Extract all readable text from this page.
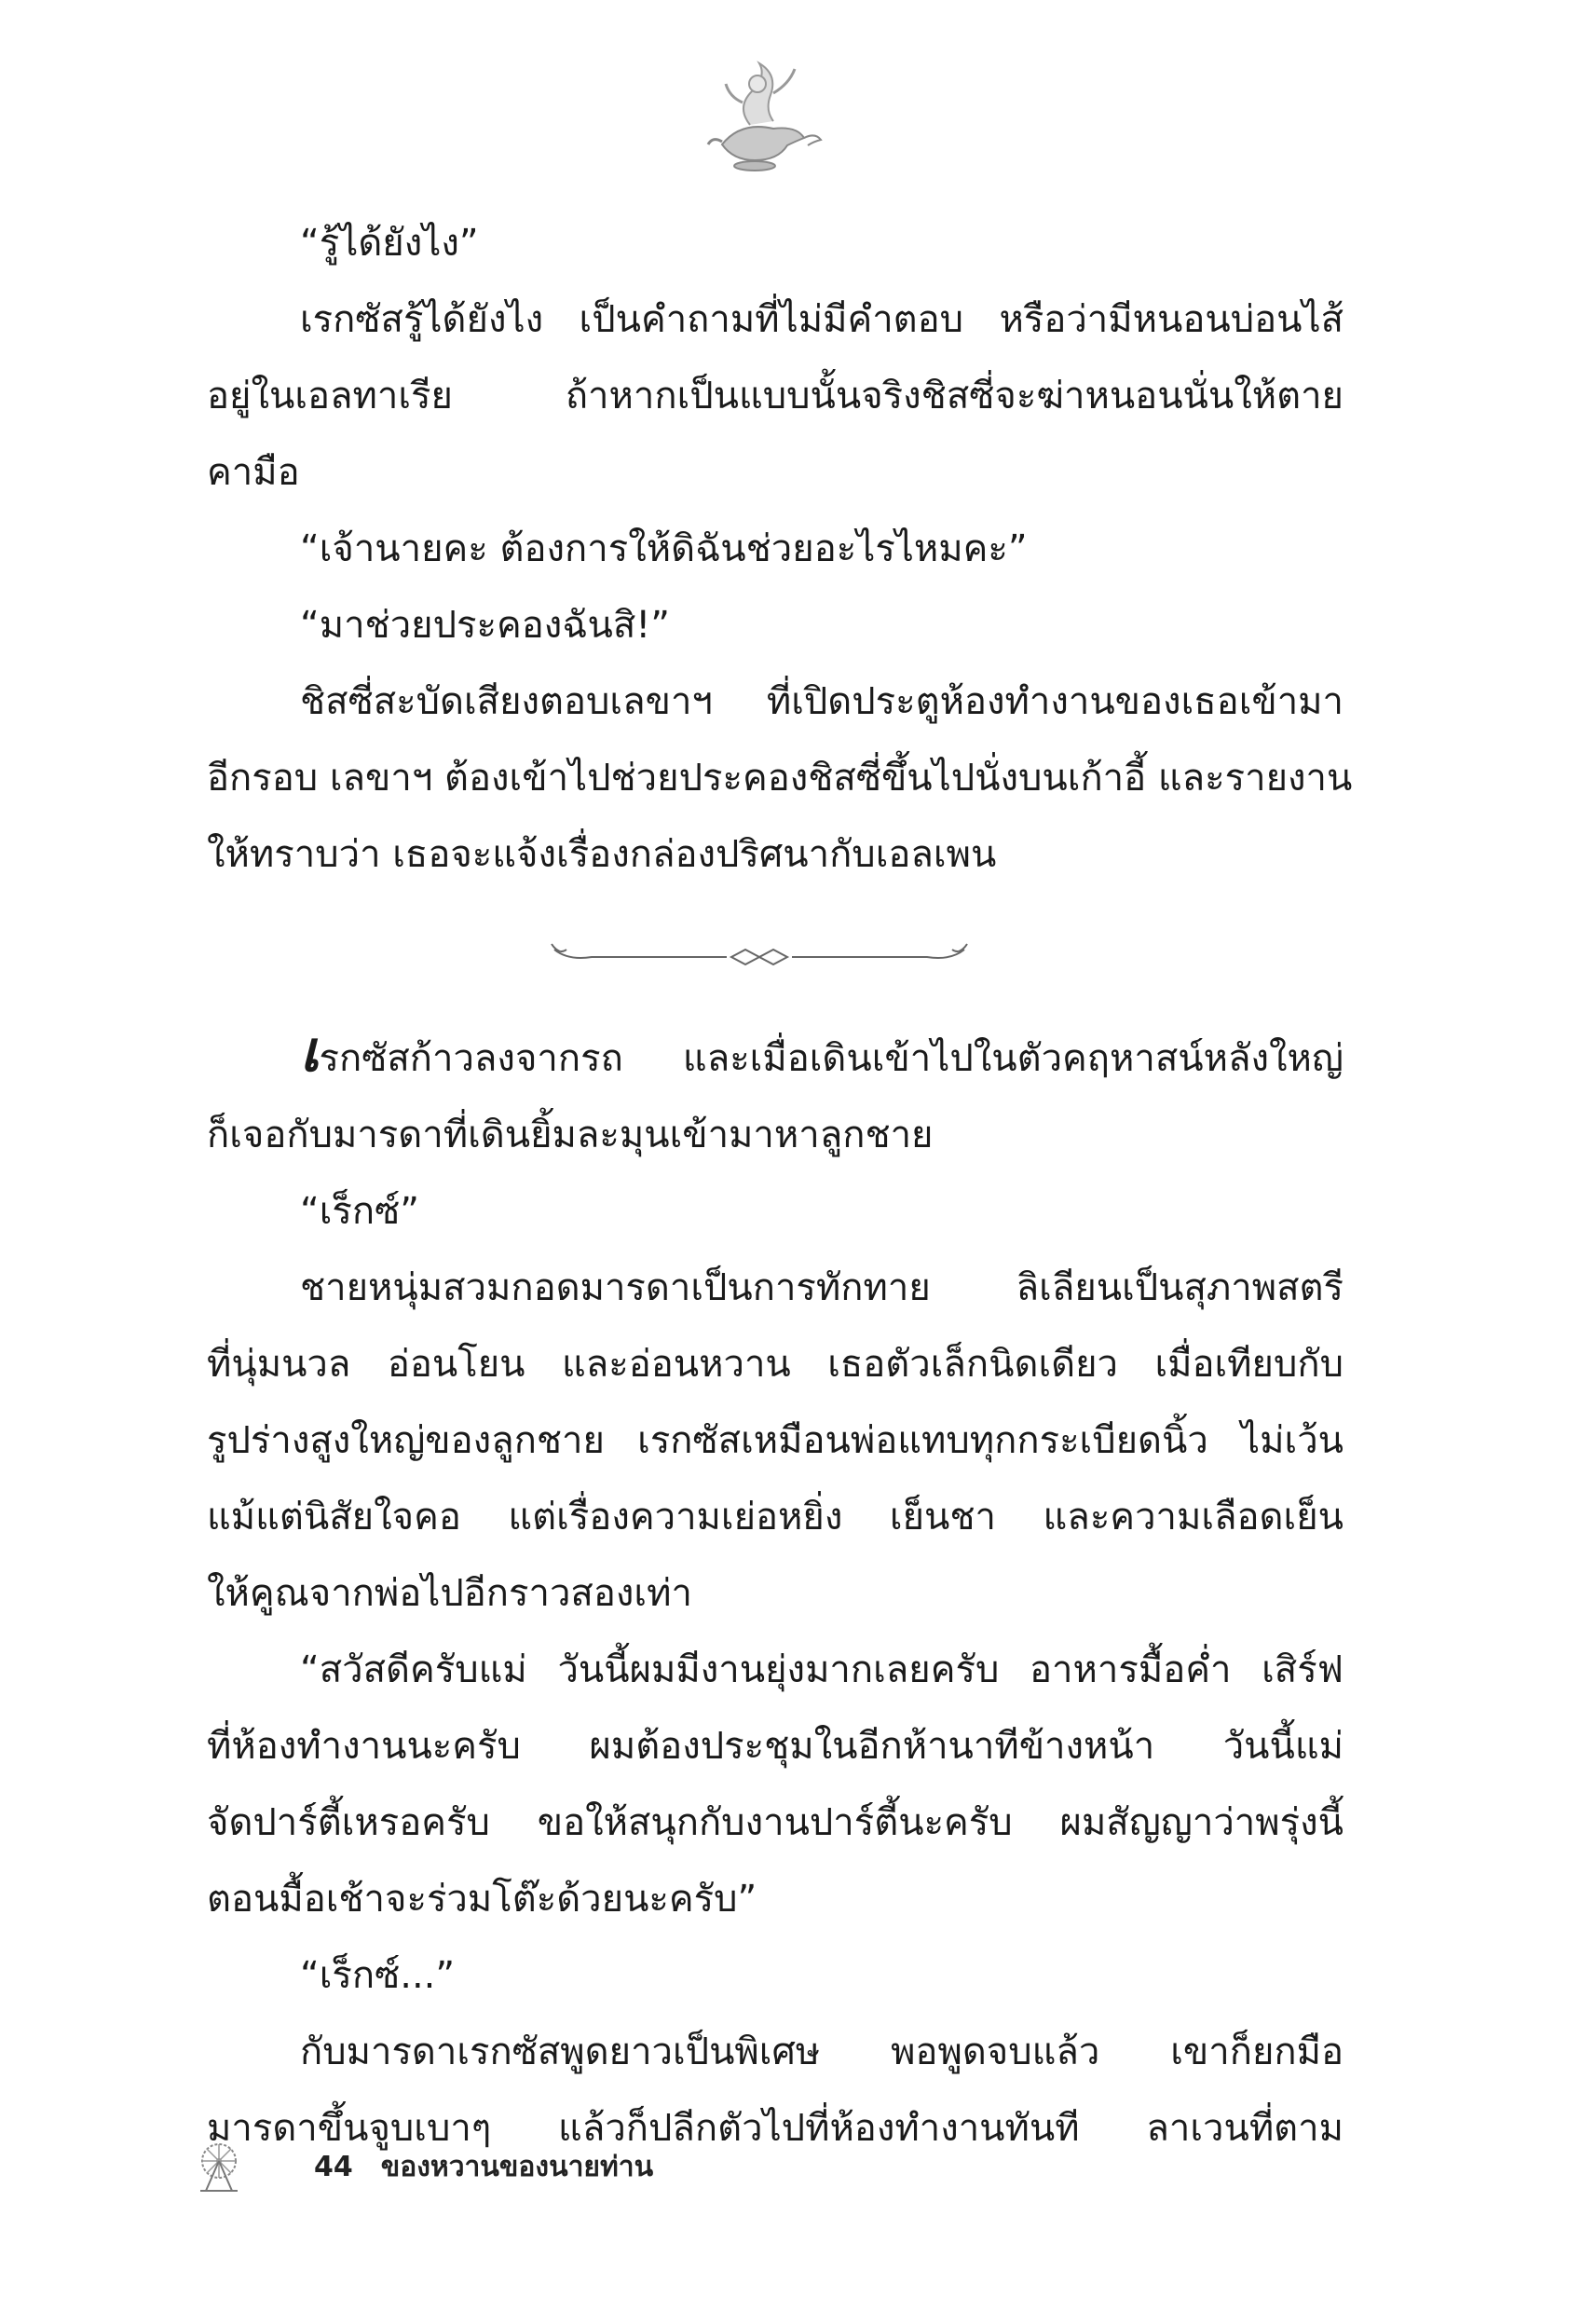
“รู้ได้ยังไง”
เรกซัสรู้ได้ยังไง เป็นคำถามที่ไม่มีคำตอบ หรือว่ามีหนอนบ่อนไส้
อยู่ในเอลทาเรีย ถ้าหากเป็นแบบนั้นจริงชิสซี่จะฆ่าหนอนนั่นให้ตาย
คามือ
“เจ้านายคะ ต้องการให้ดิฉันช่วยอะไรไหมคะ”
“มาช่วยประคองฉันสิ!”
ชิสซี่สะบัดเสียงตอบเลขาฯ ที่เปิดประตูห้องทำงานของเธอเข้ามา
อีกรอบ เลขาฯ ต้องเข้าไปช่วยประคองชิสซี่ขึ้นไปนั่งบนเก้าอี้ และรายงาน
ให้ทราบว่า เธอจะแจ้งเรื่องกล่องปริศนากับเอลเพน
เรกซัสก้าวลงจากรถ และเมื่อเดินเข้าไปในตัวคฤหาสน์หลังใหญ่
ก็เจอกับมารดาที่เดินยิ้มละมุนเข้ามาหาลูกชาย
“เร็กซ์”
ชายหนุ่มสวมกอดมารดาเป็นการทักทาย ลิเลียนเป็นสุภาพสตรี
ที่นุ่มนวล อ่อนโยน และอ่อนหวาน เธอตัวเล็กนิดเดียว เมื่อเทียบกับ
รูปร่างสูงใหญ่ของลูกชาย เรกซัสเหมือนพ่อแทบทุกกระเบียดนิ้ว ไม่เว้น
แม้แต่นิสัยใจคอ แต่เรื่องความเย่อหยิ่ง เย็นชา และความเลือดเย็น
ให้คูณจากพ่อไปอีกราวสองเท่า
“สวัสดีครับแม่ วันนี้ผมมีงานยุ่งมากเลยครับ อาหารมื้อค่ำ เสิร์ฟ
ที่ห้องทำงานนะครับ ผมต้องประชุมในอีกห้านาทีข้างหน้า วันนี้แม่
จัดปาร์ตี้เหรอครับ ขอให้สนุกกับงานปาร์ตี้นะครับ ผมสัญญาว่าพรุ่งนี้
ตอนมื้อเช้าจะร่วมโต๊ะด้วยนะครับ”
“เร็กซ์...”
กับมารดาเรกซัสพูดยาวเป็นพิเศษ พอพูดจบแล้ว เขาก็ยกมือ
มารดาขึ้นจูบเบาๆ แล้วก็ปลีกตัวไปที่ห้องทำงานทันที ลาเวนที่ตาม
44 ของหวานของนายท่าน
